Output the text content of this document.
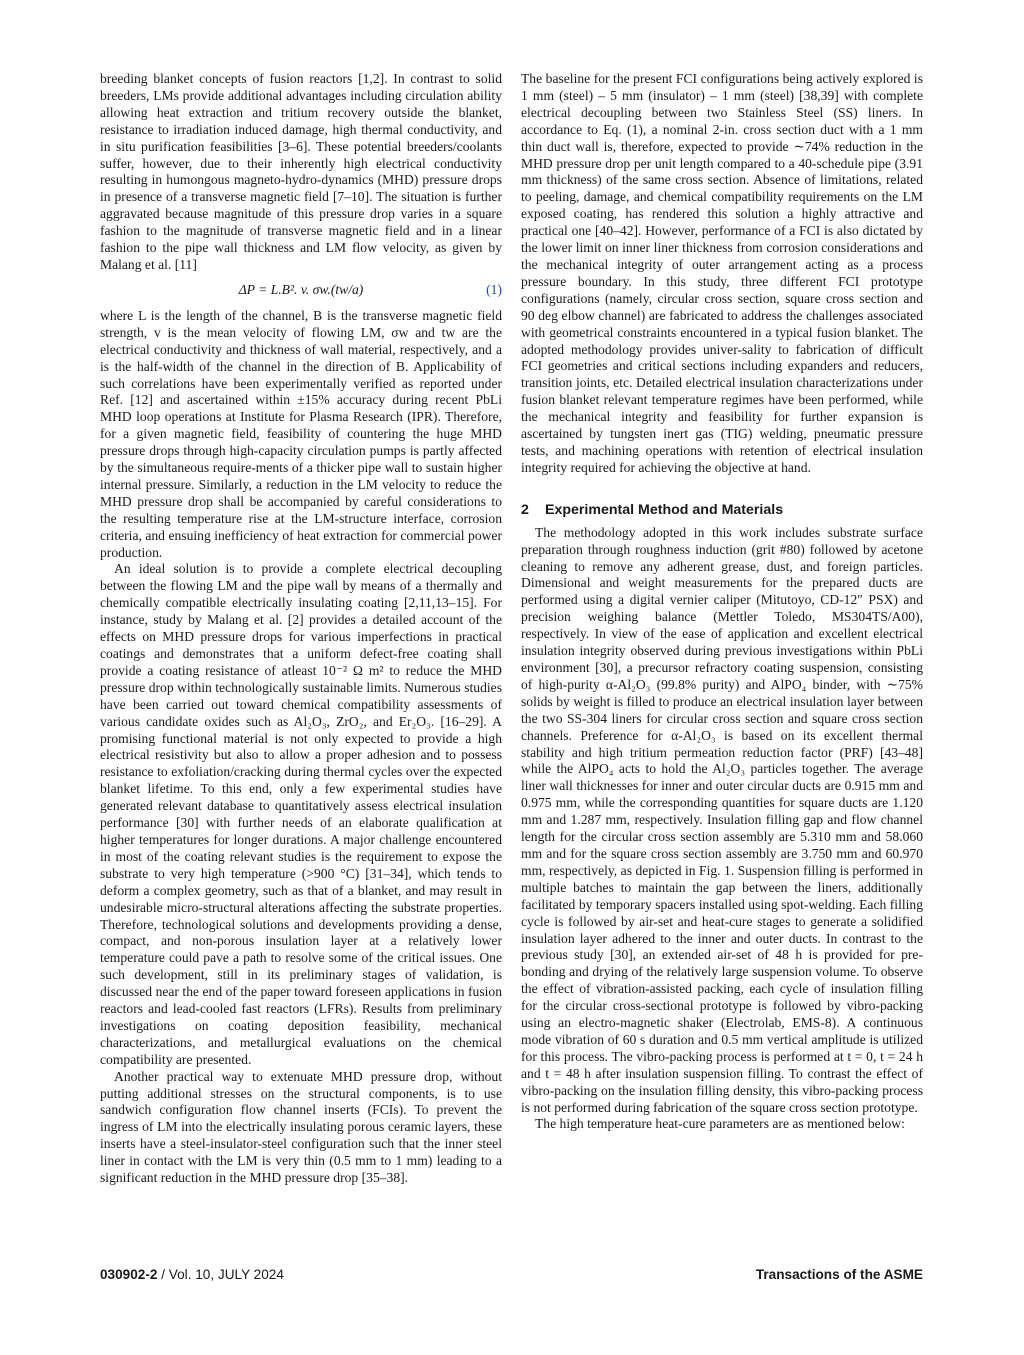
breeding blanket concepts of fusion reactors [1,2]. In contrast to solid breeders, LMs provide additional advantages including circulation ability allowing heat extraction and tritium recovery outside the blanket, resistance to irradiation induced damage, high thermal conductivity, and in situ purification feasibilities [3–6]. These potential breeders/coolants suffer, however, due to their inherently high electrical conductivity resulting in humongous magneto-hydro-dynamics (MHD) pressure drops in presence of a transverse magnetic field [7–10]. The situation is further aggravated because magnitude of this pressure drop varies in a square fashion to the magnitude of transverse magnetic field and in a linear fashion to the pipe wall thickness and LM flow velocity, as given by Malang et al. [11]

ΔP = L.B². v. σw.(tw/a)	(1)

where L is the length of the channel, B is the transverse magnetic field strength, v is the mean velocity of flowing LM, σw and tw are the electrical conductivity and thickness of wall material, respectively, and a is the half-width of the channel in the direction of B. Applicability of such correlations have been experimentally verified as reported under Ref. [12] and ascertained within ±15% accuracy during recent PbLi MHD loop operations at Institute for Plasma Research (IPR). Therefore, for a given magnetic field, feasibility of countering the huge MHD pressure drops through high-capacity circulation pumps is partly affected by the simultaneous require-ments of a thicker pipe wall to sustain higher internal pressure. Similarly, a reduction in the LM velocity to reduce the MHD pressure drop shall be accompanied by careful considerations to the resulting temperature rise at the LM-structure interface, corrosion criteria, and ensuing inefficiency of heat extraction for commercial power production.

An ideal solution is to provide a complete electrical decoupling between the flowing LM and the pipe wall by means of a thermally and chemically compatible electrically insulating coating [2,11,13–15]. For instance, study by Malang et al. [2] provides a detailed account of the effects on MHD pressure drops for various imperfections in practical coatings and demonstrates that a uniform defect-free coating shall provide a coating resistance of atleast 10⁻² Ω m² to reduce the MHD pressure drop within technologically sustainable limits. Numerous studies have been carried out toward chemical compatibility assessments of various candidate oxides such as Al₂O₃, ZrO₂, and Er₂O₃. [16–29]. A promising functional material is not only expected to provide a high electrical resistivity but also to allow a proper adhesion and to possess resistance to exfoliation/cracking during thermal cycles over the expected blanket lifetime. To this end, only a few experimental studies have generated relevant database to quantitatively assess electrical insulation performance [30] with further needs of an elaborate qualification at higher temperatures for longer durations. A major challenge encountered in most of the coating relevant studies is the requirement to expose the substrate to very high temperature (>900 °C) [31–34], which tends to deform a complex geometry, such as that of a blanket, and may result in undesirable micro-structural alterations affecting the substrate properties. Therefore, technological solutions and developments providing a dense, compact, and non-porous insulation layer at a relatively lower temperature could pave a path to resolve some of the critical issues. One such development, still in its preliminary stages of validation, is discussed near the end of the paper toward foreseen applications in fusion reactors and lead-cooled fast reactors (LFRs). Results from preliminary investigations on coating deposition feasibility, mechanical characterizations, and metallurgical evaluations on the chemical compatibility are presented.

Another practical way to extenuate MHD pressure drop, without putting additional stresses on the structural components, is to use sandwich configuration flow channel inserts (FCIs). To prevent the ingress of LM into the electrically insulating porous ceramic layers, these inserts have a steel-insulator-steel configuration such that the inner steel liner in contact with the LM is very thin (0.5 mm to 1 mm) leading to a significant reduction in the MHD pressure drop [35–38].

The baseline for the present FCI configurations being actively explored is 1 mm (steel) – 5 mm (insulator) – 1 mm (steel) [38,39] with complete electrical decoupling between two Stainless Steel (SS) liners. In accordance to Eq. (1), a nominal 2-in. cross section duct with a 1 mm thin duct wall is, therefore, expected to provide ∼74% reduction in the MHD pressure drop per unit length compared to a 40-schedule pipe (3.91 mm thickness) of the same cross section. Absence of limitations, related to peeling, damage, and chemical compatibility requirements on the LM exposed coating, has rendered this solution a highly attractive and practical one [40–42]. However, performance of a FCI is also dictated by the lower limit on inner liner thickness from corrosion considerations and the mechanical integrity of outer arrangement acting as a process pressure boundary. In this study, three different FCI prototype configurations (namely, circular cross section, square cross section and 90 deg elbow channel) are fabricated to address the challenges associated with geometrical constraints encountered in a typical fusion blanket. The adopted methodology provides univer-sality to fabrication of difficult FCI geometries and critical sections including expanders and reducers, transition joints, etc. Detailed electrical insulation characterizations under fusion blanket relevant temperature regimes have been performed, while the mechanical integrity and feasibility for further expansion is ascertained by tungsten inert gas (TIG) welding, pneumatic pressure tests, and machining operations with retention of electrical insulation integrity required for achieving the objective at hand.

2 Experimental Method and Materials

The methodology adopted in this work includes substrate surface preparation through roughness induction (grit #80) followed by acetone cleaning to remove any adherent grease, dust, and foreign particles. Dimensional and weight measurements for the prepared ducts are performed using a digital vernier caliper (Mitutoyo, CD-12″ PSX) and precision weighing balance (Mettler Toledo, MS304TS/A00), respectively. In view of the ease of application and excellent electrical insulation integrity observed during previous investigations within PbLi environment [30], a precursor refractory coating suspension, consisting of high-purity α-Al₂O₃ (99.8% purity) and AlPO₄ binder, with ∼75% solids by weight is filled to produce an electrical insulation layer between the two SS-304 liners for circular cross section and square cross section channels. Preference for α-Al₂O₃ is based on its excellent thermal stability and high tritium permeation reduction factor (PRF) [43–48] while the AlPO₄ acts to hold the Al₂O₃ particles together. The average liner wall thicknesses for inner and outer circular ducts are 0.915 mm and 0.975 mm, while the corresponding quantities for square ducts are 1.120 mm and 1.287 mm, respectively. Insulation filling gap and flow channel length for the circular cross section assembly are 5.310 mm and 58.060 mm and for the square cross section assembly are 3.750 mm and 60.970 mm, respectively, as depicted in Fig. 1. Suspension filling is performed in multiple batches to maintain the gap between the liners, additionally facilitated by temporary spacers installed using spot-welding. Each filling cycle is followed by air-set and heat-cure stages to generate a solidified insulation layer adhered to the inner and outer ducts. In contrast to the previous study [30], an extended air-set of 48 h is provided for pre-bonding and drying of the relatively large suspension volume. To observe the effect of vibration-assisted packing, each cycle of insulation filling for the circular cross-sectional prototype is followed by vibro-packing using an electro-magnetic shaker (Electrolab, EMS-8). A continuous mode vibration of 60 s duration and 0.5 mm vertical amplitude is utilized for this process. The vibro-packing process is performed at t = 0, t = 24 h and t = 48 h after insulation suspension filling. To contrast the effect of vibro-packing on the insulation filling density, this vibro-packing process is not performed during fabrication of the square cross section prototype.

The high temperature heat-cure parameters are as mentioned below:

030902-2 / Vol. 10, JULY 2024	Transactions of the ASME
